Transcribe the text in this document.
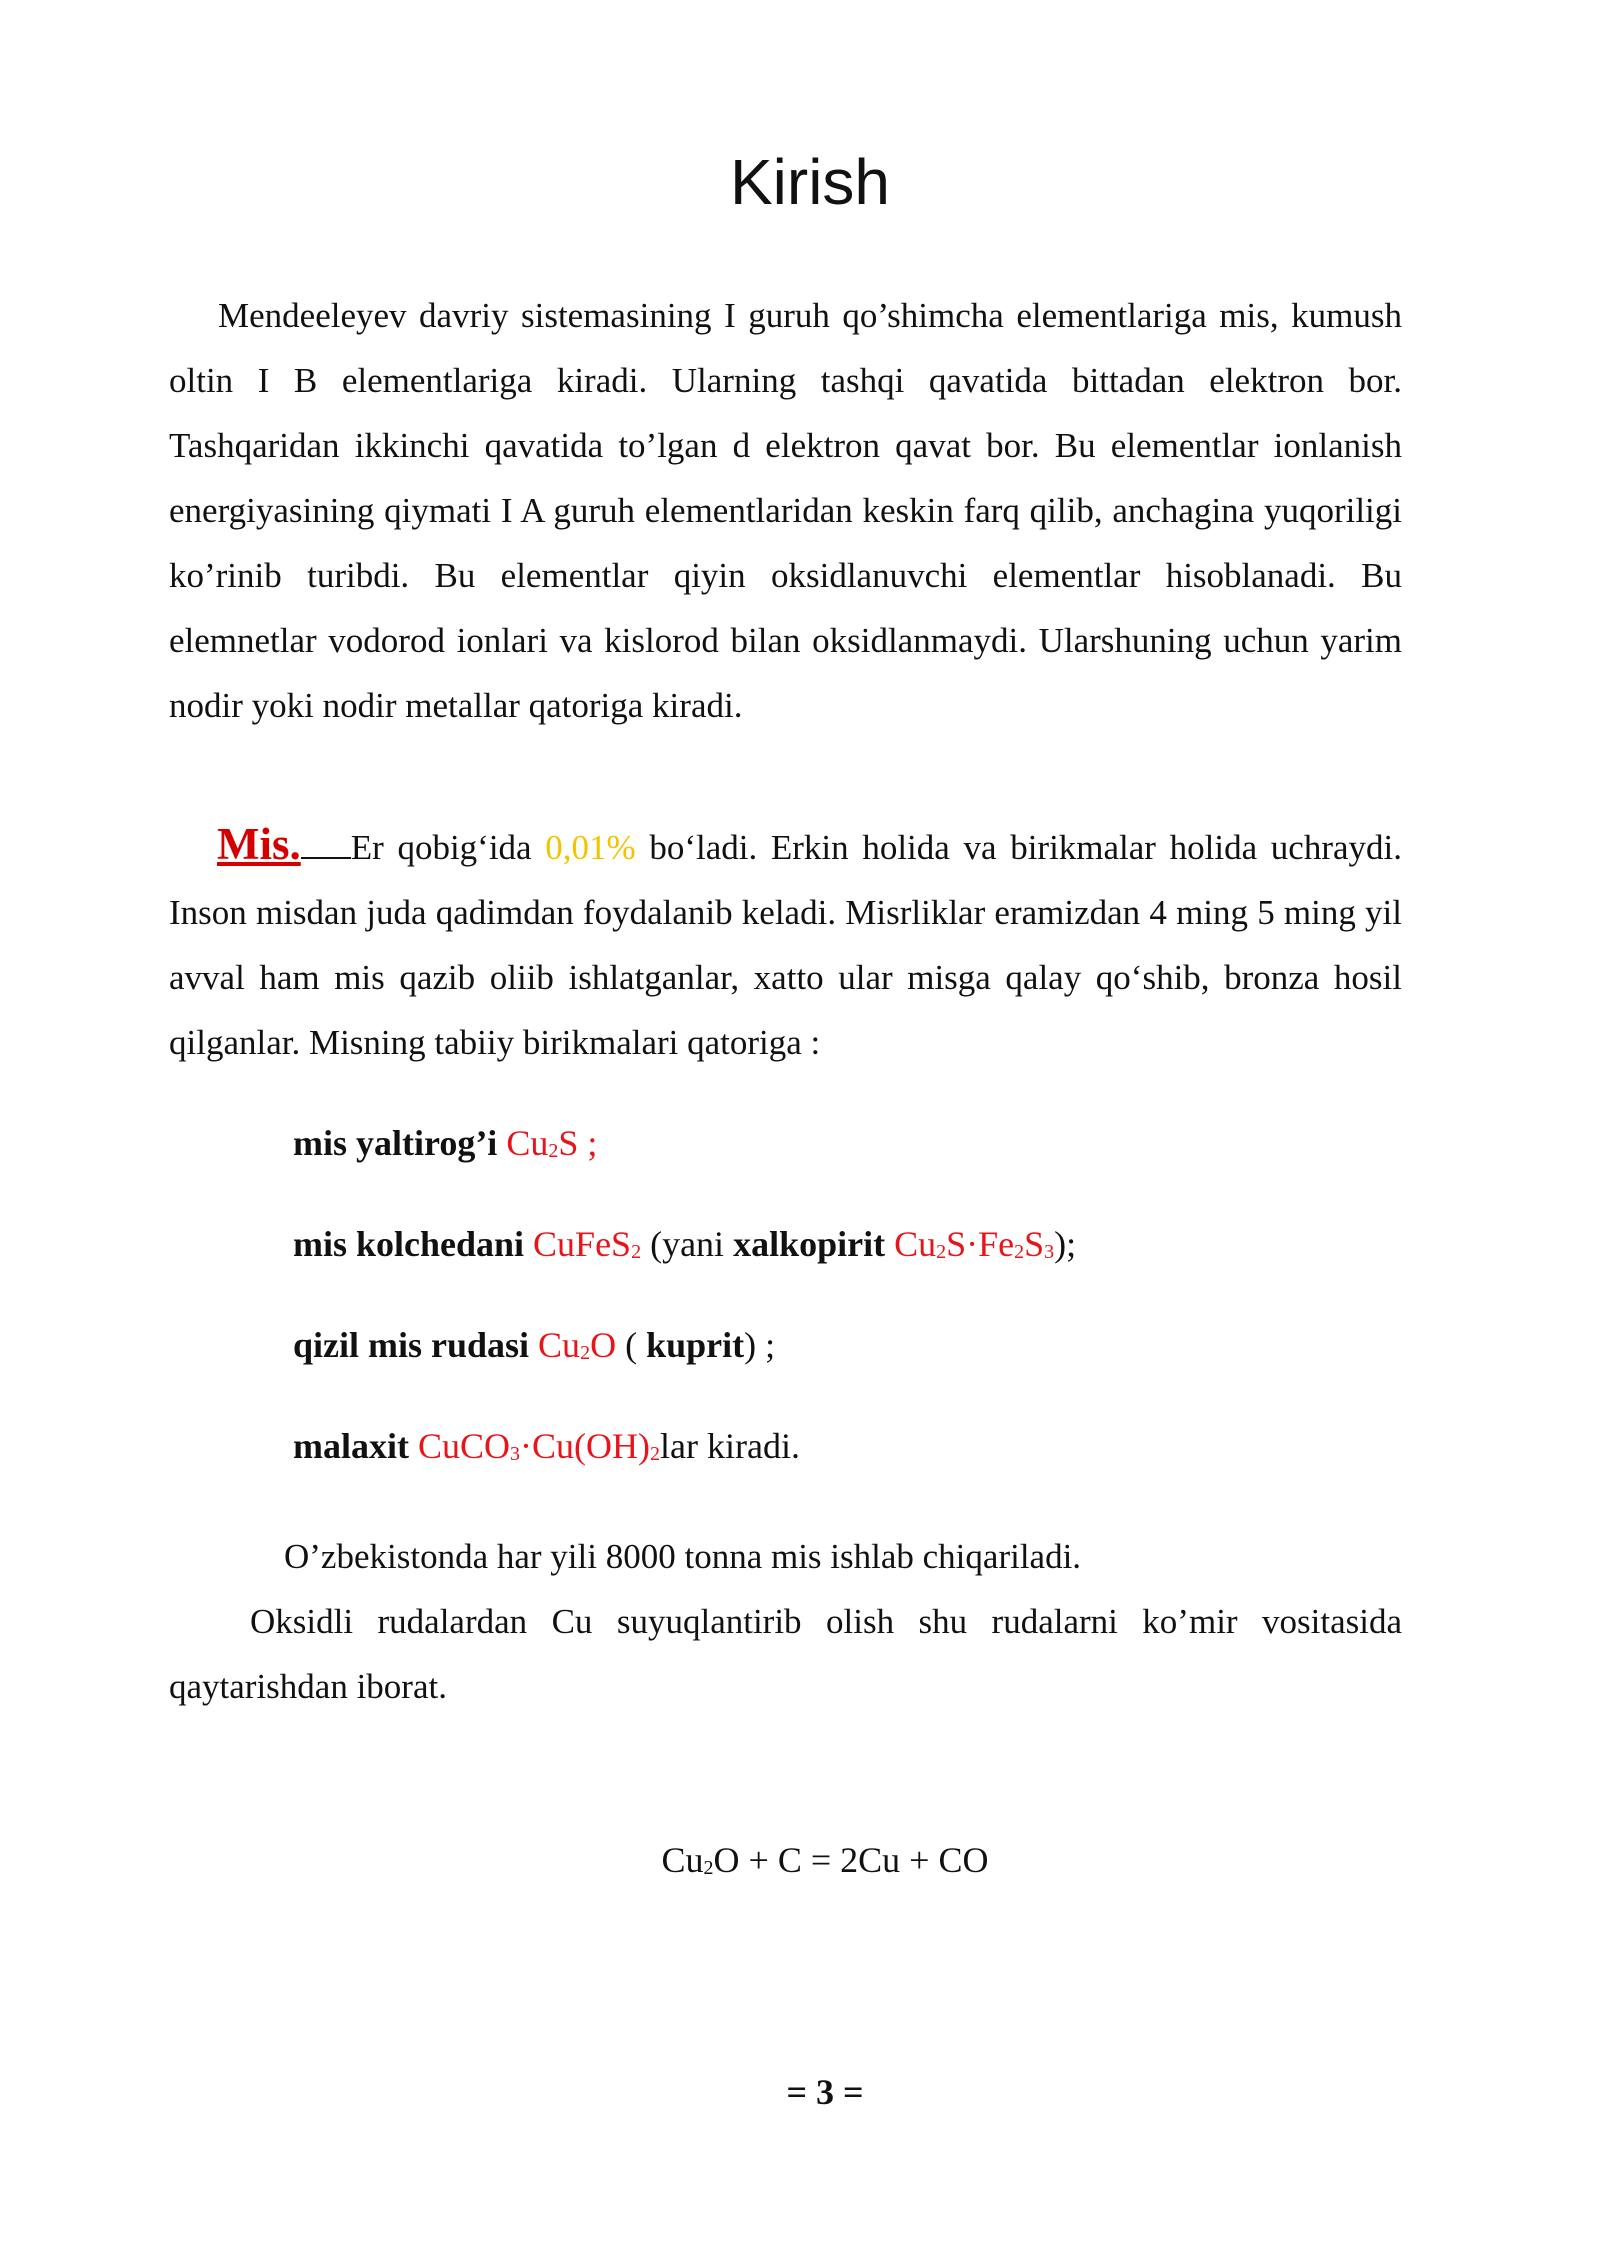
Kirish

Mendeeleyev davriy sistemasining I guruh qo’shimcha elementlariga mis, kumush oltin I B elementlariga kiradi. Ularning tashqi qavatida bittadan elektron bor. Tashqaridan ikkinchi qavatida to’lgan d elektron qavat bor. Bu elementlar ionlanish energiyasining qiymati I A guruh elementlaridan keskin farq qilib, anchagina yuqoriligi ko’rinib turibdi. Bu elementlar qiyin oksidlanuvchi elementlar hisoblanadi. Bu elemnetlar vodorod ionlari va kislorod bilan oksidlanmaydi. Ularshuning uchun yarim nodir yoki nodir metallar qatoriga kiradi.

Mis. Er qobig‘ida 0,01% bo‘ladi. Erkin holida va birikmalar holida uchraydi. Inson misdan juda qadimdan foydalanib keladi. Misrliklar eramizdan 4 ming 5 ming yil avval ham mis qazib oliib ishlatganlar, xatto ular misga qalay qo‘shib, bronza hosil qilganlar. Misning tabiiy birikmalari qatoriga :

mis yaltirog’i $Cu_2S$ ;
mis kolchedani CuFeS$_2$ (yani xalkopirit $Cu_2S\cdot Fe_2S_3$);
qizil mis rudasi $Cu_2O$ ( kuprit) ;
malaxit $CuCO_3\cdot Cu(OH)_2lar$ kiradi.
O’zbekistonda har yili 8000 tonna mis ishlab chiqariladi.

Oksidli rudalardan Cu suyuqlantirib olish shu rudalarni ko’mir vositasida qaytarishdan iborat.

$Cu_2O + C = 2Cu$ + CO
= 3 =
